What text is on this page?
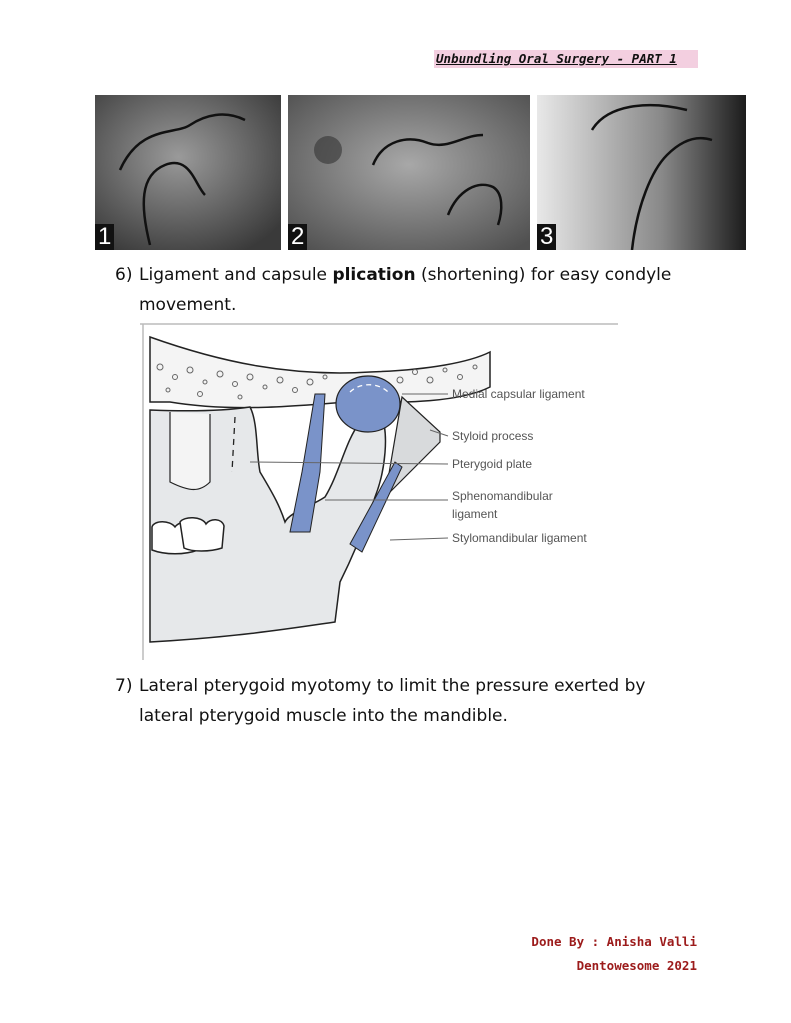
Unbundling Oral Surgery - PART 1
1	2	3
6) Ligament and capsule plication (shortening) for easy condyle movement.
Medial capsular ligament
Styloid process
Pterygoid plate
Sphenomandibular
ligament
Stylomandibular ligament
7) Lateral pterygoid myotomy to limit the pressure exerted by lateral pterygoid muscle into the mandible.
Done By : Anisha Valli
Dentowesome 2021
